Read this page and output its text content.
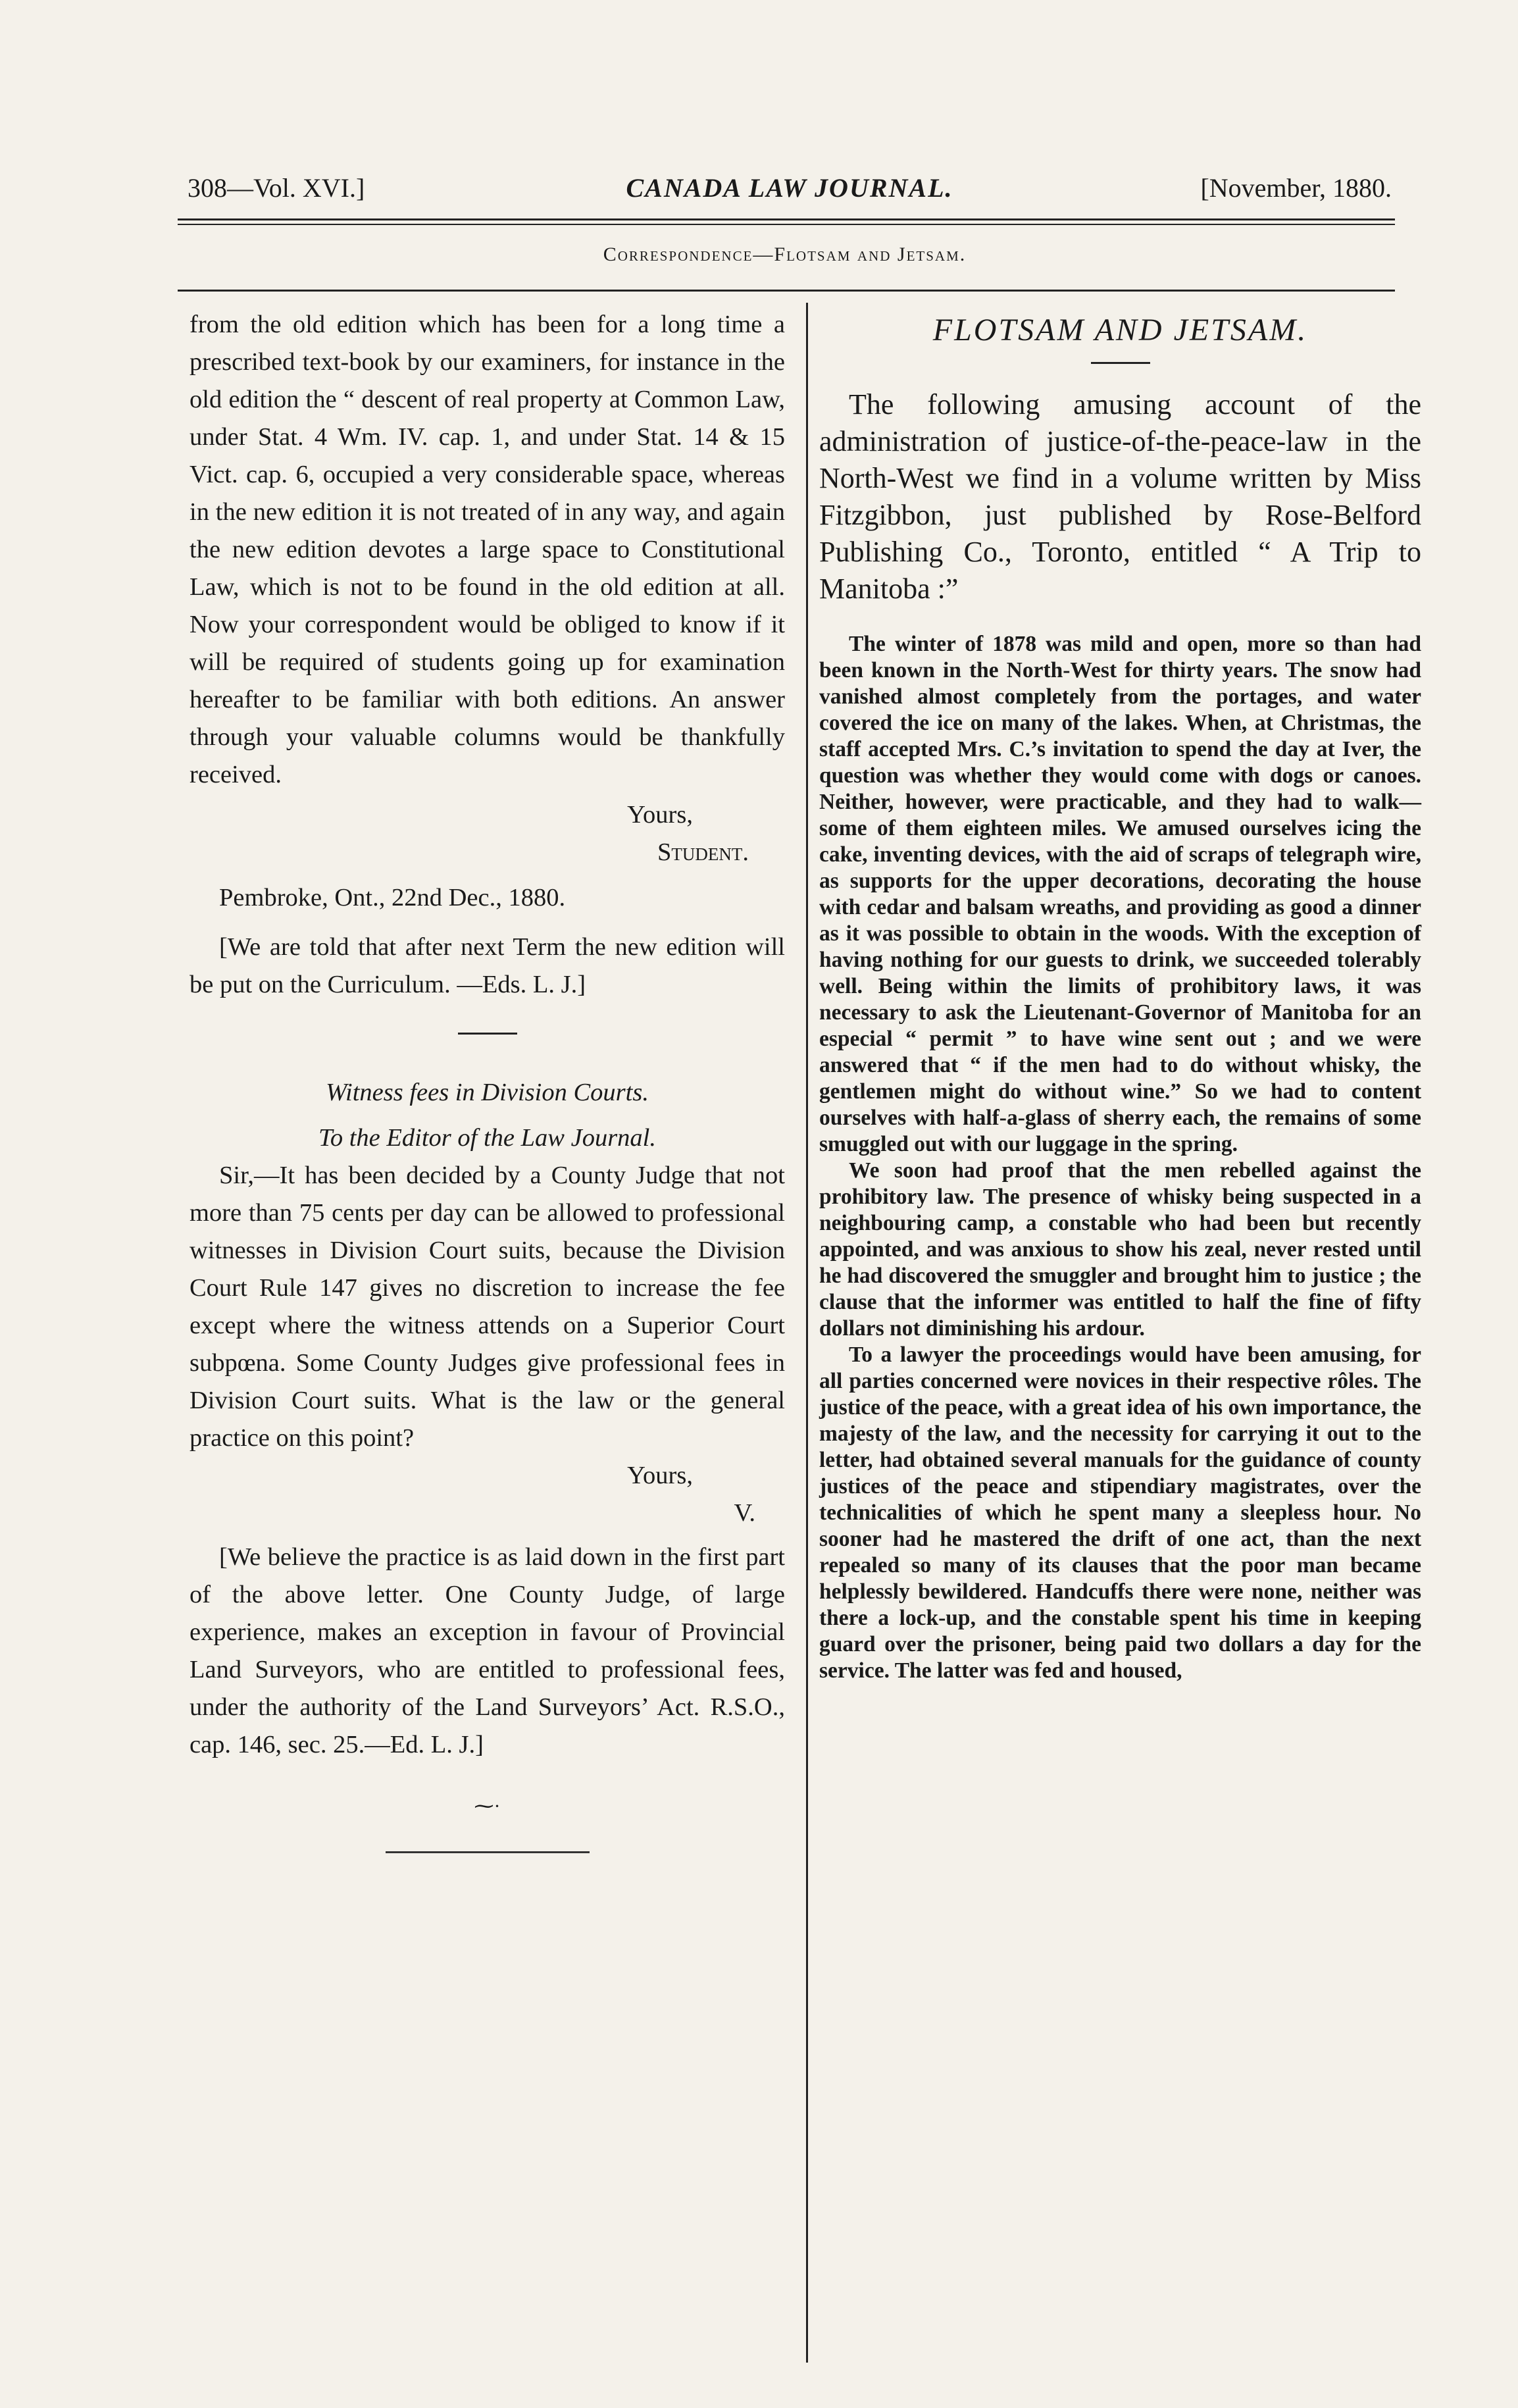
308—Vol. XVI.]	CANADA LAW JOURNAL.	[November, 1880.
Correspondence—Flotsam and Jetsam.

from the old edition which has been for a long time a prescribed text-book by our examiners, for instance in the old edition the “ descent of real property at Common Law, under Stat. 4 Wm. IV. cap. 1, and under Stat. 14 & 15 Vict. cap. 6, occupied a very considerable space, whereas in the new edition it is not treated of in any way, and again the new edition devotes a large space to Constitutional Law, which is not to be found in the old edition at all. Now your correspondent would be obliged to know if it will be required of students going up for examination hereafter to be familiar with both editions. An answer through your valuable columns would be thankfully received.

Yours,

Student.

Pembroke, Ont., 22nd Dec., 1880.

[We are told that after next Term the new edition will be put on the Curriculum. —Eds. L. J.]

Witness fees in Division Courts.

To the Editor of the Law Journal.

Sir,—It has been decided by a County Judge that not more than 75 cents per day can be allowed to professional witnesses in Division Court suits, because the Division Court Rule 147 gives no discretion to increase the fee except where the witness attends on a Superior Court subpœna. Some County Judges give professional fees in Division Court suits. What is the law or the general practice on this point?

Yours,

V.

[We believe the practice is as laid down in the first part of the above letter. One County Judge, of large experience, makes an exception in favour of Provincial Land Surveyors, who are entitled to professional fees, under the authority of the Land Surveyors’ Act. R.S.O., cap. 146, sec. 25.—Ed. L. J.]

⁓·
FLOTSAM AND JETSAM.

The following amusing account of the administration of justice-of-the-peace-law in the North-West we find in a volume written by Miss Fitzgibbon, just published by Rose-Belford Publishing Co., Toronto, entitled “ A Trip to Manitoba :”

The winter of 1878 was mild and open, more so than had been known in the North-West for thirty years. The snow had vanished almost completely from the portages, and water covered the ice on many of the lakes. When, at Christmas, the staff accepted Mrs. C.’s invitation to spend the day at Iver, the question was whether they would come with dogs or canoes. Neither, however, were practicable, and they had to walk—some of them eighteen miles. We amused ourselves icing the cake, inventing devices, with the aid of scraps of telegraph wire, as supports for the upper decorations, decorating the house with cedar and balsam wreaths, and providing as good a dinner as it was possible to obtain in the woods. With the exception of having nothing for our guests to drink, we succeeded tolerably well. Being within the limits of prohibitory laws, it was necessary to ask the Lieutenant-Governor of Manitoba for an especial “ permit ” to have wine sent out ; and we were answered that “ if the men had to do without whisky, the gentlemen might do without wine.” So we had to content ourselves with half-a-glass of sherry each, the remains of some smuggled out with our luggage in the spring.

We soon had proof that the men rebelled against the prohibitory law. The presence of whisky being suspected in a neighbouring camp, a constable who had been but recently appointed, and was anxious to show his zeal, never rested until he had discovered the smuggler and brought him to justice ; the clause that the informer was entitled to half the fine of fifty dollars not diminishing his ardour.

To a lawyer the proceedings would have been amusing, for all parties concerned were novices in their respective rôles. The justice of the peace, with a great idea of his own importance, the majesty of the law, and the necessity for carrying it out to the letter, had obtained several manuals for the guidance of county justices of the peace and stipendiary magistrates, over the technicalities of which he spent many a sleepless hour. No sooner had he mastered the drift of one act, than the next repealed so many of its clauses that the poor man became helplessly bewildered. Handcuffs there were none, neither was there a lock-up, and the constable spent his time in keeping guard over the prisoner, being paid two dollars a day for the service. The latter was fed and housed,
